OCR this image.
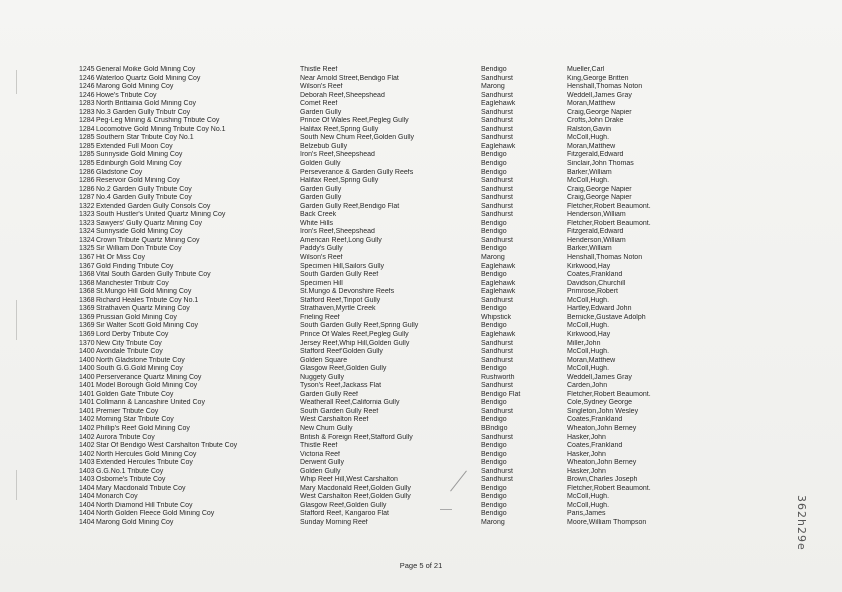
1245	General Moike Gold Mining Coy	Thistle Reef	Bendigo	Mueller,Carl
1246	Waterloo Quartz Gold Mining Coy	Near Arnold Street,Bendigo Flat	Sandhurst	King,George Britten
1246	Marong Gold Mining Coy	Wilson's Reef	Marong	Henshall,Thomas Noton
1246	Howe's Tribute Coy	Deborah Reef,Sheepshead	Sandhurst	Weddell,James Gray
1283	North Brittainia Gold Mining Coy	Comet Reef	Eaglehawk	Moran,Matthew
1283	No.3 Garden Gully Tributr Coy	Garden Gully	Sandhurst	Craig,George Napier
1284	Peg-Leg Mining & Crushing Tribute Coy	Prince Of Wales Reef,Pegleg Gully	Sandhurst	Crofts,John Drake
1284	Locomotive Gold Mining Tribute Coy No.1	Halifax Reef,Spring Gully	Sandhurst	Ralston,Gavin
1285	Southern Star Tribute Coy No.1	South New Chum Reef,Golden Gully	Sandhurst	McColl,Hugh.
1285	Extended Full Moon Coy	Belzebub Gully	Eaglehawk	Moran,Matthew
1285	Sunnyside Gold Mining Coy	Iron's Reef,Sheepshead	Bendigo	Fitzgerald,Edward
1285	Edinburgh Gold Mining Coy	Golden Gully	Bendigo	Sinclair,John Thomas
1286	Gladstone Coy	Perseverance & Garden Gully Reefs	Bendigo	Barker,William
1286	Reservoir Gold Mining Coy	Halifax Reef,Spring Gully	Sandhurst	McColl,Hugh.
1286	No.2 Garden Gully Tribute Coy	Garden Gully	Sandhurst	Craig,George Napier
1287	No.4 Garden Gully Tribute Coy	Garden Gully	Sandhurst	Craig,George Napier
1322	Extended Garden Gully Consols Coy	Garden Gully Reef,Bendigo Flat	Sandhurst	Fletcher,Robert Beaumont.
1323	South Hustler's United Quartz Mining Coy	Back Creek	Sandhurst	Henderson,William
1323	Sawyers' Gully Quartz Mining Coy	White Hills	Bendigo	Fletcher,Robert Beaumont.
1324	Sunnyside Gold Mining Coy	Iron's Reef,Sheepshead	Bendigo	Fitzgerald,Edward
1324	Crown Tribute Quartz Mining Coy	American Reef,Long Gully	Sandhurst	Henderson,William
1325	Sir William Don Tribute Coy	Paddy's Gully	Bendigo	Barker,William
1367	Hit Or Miss Coy	Wilson's Reef	Marong	Henshall,Thomas Noton
1367	Gold Finding Tribute Coy	Specimen Hill,Sailors Gully	Eaglehawk	Kirkwood,Hay
1368	Vital South Garden Gully Tribute Coy	South Garden Gully Reef	Bendigo	Coates,Frankland
1368	Manchester Tributr Coy	Specimen Hill	Eaglehawk	Davidson,Churchill
1368	St.Mungo Hill Gold Mining Coy	St.Mungo & Devonshire Reefs	Eaglehawk	Primrose,Robert
1368	Richard Heales Tribute Coy No.1	Stafford Reef,Tinpot Gully	Sandhurst	McColl,Hugh.
1369	Strathaven Quartz Mining Coy	Strathaven,Myrtle Creek	Bendigo	Hartley,Edward John
1369	Prussian Gold Mining Coy	Frieling Reef	Whipstick	Bernicke,Gustave Adolph
1369	Sir Walter Scott Gold Mining Coy	South Garden Gully Reef,Spring Gully	Bendigo	McColl,Hugh.
1369	Lord Derby Tribute Coy	Prince Of Wales Reef,Pegleg Gully	Eaglehawk	Kirkwood,Hay
1370	New City Tribute Coy	Jersey Reef,Whip Hill,Golden Gully	Sandhurst	Miller,John
1400	Avondale Tribute Coy	Stafford Reef'Golden Gully	Sandhurst	McColl,Hugh.
1400	North Gladstone Tribute Coy	Golden Square	Sandhurst	Moran,Matthew
1400	South G.G.Gold Mining Coy	Glasgow Reef,Golden Gully	Bendigo	McColl,Hugh.
1400	Perserverance Quartz Mining Coy	Nuggety Gully	Rushworth	Weddell,James Gray
1401	Model Borough Gold Mining Coy	Tyson's Reef,Jackass Flat	Sandhurst	Carden,John
1401	Golden Gate Tribute Coy	Garden Gully Reef	Bendigo Flat	Fletcher,Robert Beaumont.
1401	Collmann & Lancashire United Coy	Weatherall Reef,California Gully	Bendigo	Cole,Sydney George
1401	Premier Tribute Coy	South Garden Gully Reef	Sandhurst	Singleton,John Wesley
1402	Morning Star Tribute Coy	West Carshalton Reef	Bendigo	Coates,Frankland
1402	Phillip's Reef Gold Mining Coy	New Chum Gully	BBndigo	Wheaton,John Berney
1402	Aurora Tribute Coy	British & Foreign Reef,Stafford Gully	Sandhurst	Hasker,John
1402	Star Of Bendigo West Carshalton Tribute Coy	Thistle Reef	Bendigo	Coates,Frankland
1402	North Hercules Gold Mining Coy	Victoria Reef	Bendigo	Hasker,John
1403	Extended Hercules Tribute Coy	Derwent Gully	Bendigo	Wheaton,John Berney
1403	G.G.No.1 Tribute Coy	Golden Gully	Sandhurst	Hasker,John
1403	Osborne's Tribute Coy	Whip Reef Hill,West Carshalton	Sandhurst	Brown,Charles Joseph
1404	Mary Macdonald Tribute Coy	Mary Macdonald Reef,Golden Gully	Bendigo	Fletcher,Robert Beaumont.
1404	Monarch Coy	West Carshalton Reef,Golden Gully	Bendigo	McColl,Hugh.
1404	North Diamond Hill Tribute Coy	Glasgow Reef,Golden Gully	Bendigo	McColl,Hugh.
1404	North Golden Fleece Gold Mining Coy	Stafford Reef, Kangaroo Flat	Bendigo	Paris,James
1404	Marong Gold Mining Coy	Sunday Morning Reef	Marong	Moore,William Thompson	362h29e
Page 5 of 21
